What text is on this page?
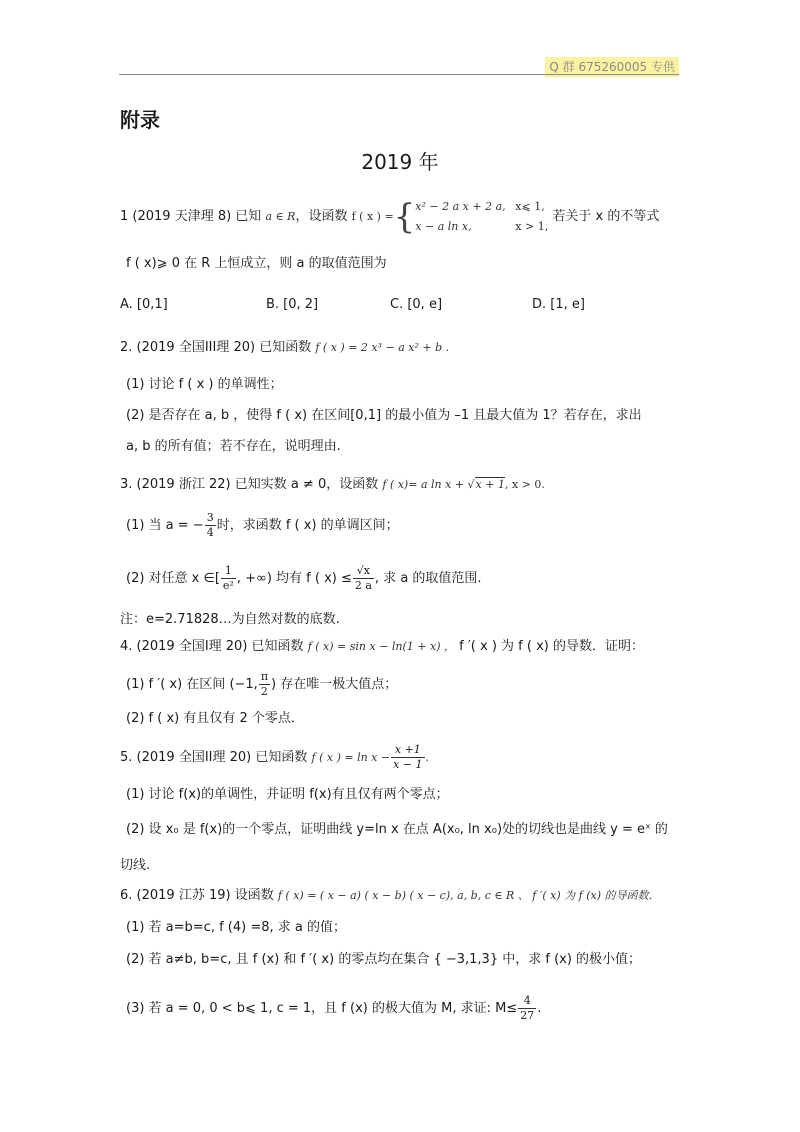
Q 群 675260005 专供
附录
2019 年
1 (2019 天津理 8) 已知 a ∈ R，设函数 f ( x ) ={x² − 2 a x + 2 a, x⩽ 1,
x − a ln x,	x > 1, 若关于 x 的不等式
f ( x)⩾ 0 在 R 上恒成立，则 a 的取值范围为
A. [0,1]	B. [0, 2]	C. [0, e]	D. [1, e]
2. (2019 全国III理 20) 已知函数 f ( x ) = 2 x³ − a x² + b .
(1) 讨论 f ( x ) 的单调性；
(2) 是否存在 a, b ，使得 f ( x) 在区间[0,1] 的最小值为 –1 且最大值为 1？若存在，求出
a, b 的所有值；若不存在，说明理由.
3. (2019 浙江 22) 已知实数 a ≠ 0，设函数 f ( x)= a ln x + √x + 1, x > 0.
(1) 当 a = − $\frac{3}{4}$ 时，求函数 f ( x) 的单调区间；
(2) 对任意 x ∈[ $\frac{1}{\text{e²}}$ , +∞) 均有 f ( $x) \le \frac{√x}{2 a}$ , 求 a 的取值范围.
注：e=2.71828…为自然对数的底数.
4. (2019 全国I理 20) 已知函数 f ( x) = sin x − ln(1 + x) ， f ′( x ) 为 f ( x) 的导数．证明：
(1) f ′( x) 在区间 (−1, $\frac{\pi}{2}$ ) 存在唯一极大值点；
(2) f ( x) 有且仅有 2 个零点．
5. (2019 全国II理 20) 已知函数 f ( x ) = $\ln x - \frac{x +1}{x - 1}$ .
(1) 讨论 f(x)的单调性，并证明 f(x)有且仅有两个零点；
(2) 设 x₀ 是 f(x)的一个零点，证明曲线 y=ln x 在点 A(x₀, ln x₀)处的切线也是曲线 y = eˣ 的
切线.
6. (2019 江苏 19) 设函数 f ( x) = ( x − a) ( x − b) ( x − c), a, b, c ∈ R 、 f ′( x) 为 f (x) 的导函数．
(1) 若 a=b=c, f (4) =8, 求 a 的值；
(2) 若 a≠b, b=c, 且 f (x) 和 f ′( x) 的零点均在集合 { −3,1,3} 中，求 f (x) 的极小值；
(3) 若 a = 0, 0 < b⩽ 1, c = 1，且 f (x) 的极大值为 M, 求证: $M\le \frac{4}{27}$ .
